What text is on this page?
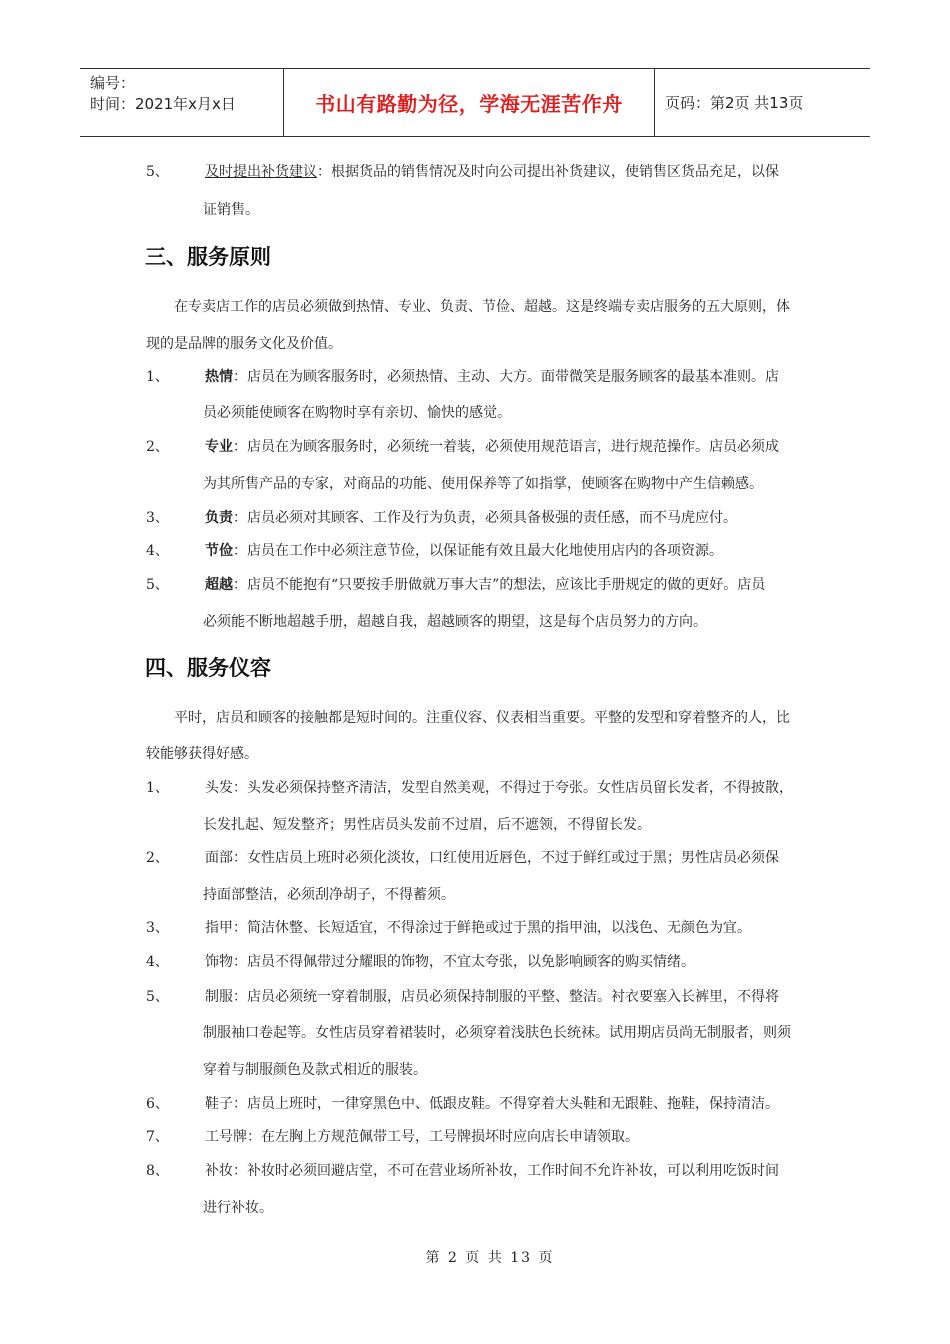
编号：
时间：2021年x月x日	书山有路勤为径，学海无涯苦作舟	页码：第2页 共13页
5、	及时提出补货建议：根据货品的销售情况及时向公司提出补货建议，使销售区货品充足，以保
证销售。
三、服务原则
在专卖店工作的店员必须做到热情、专业、负责、节俭、超越。这是终端专卖店服务的五大原则，体
现的是品牌的服务文化及价值。
1、	热情：店员在为顾客服务时，必须热情、主动、大方。面带微笑是服务顾客的最基本准则。店
员必须能使顾客在购物时享有亲切、愉快的感觉。
2、	专业：店员在为顾客服务时，必须统一着装，必须使用规范语言，进行规范操作。店员必须成
为其所售产品的专家，对商品的功能、使用保养等了如指掌，使顾客在购物中产生信赖感。
3、	负责：店员必须对其顾客、工作及行为负责，必须具备极强的责任感，而不马虎应付。
4、	节俭：店员在工作中必须注意节俭，以保证能有效且最大化地使用店内的各项资源。
5、	超越：店员不能抱有“只要按手册做就万事大吉”的想法，应该比手册规定的做的更好。店员
必须能不断地超越手册，超越自我，超越顾客的期望，这是每个店员努力的方向。
四、服务仪容
平时，店员和顾客的接触都是短时间的。注重仪容、仪表相当重要。平整的发型和穿着整齐的人，比
较能够获得好感。
1、	头发：头发必须保持整齐清洁，发型自然美观，不得过于夸张。女性店员留长发者，不得披散，
长发扎起、短发整齐；男性店员头发前不过眉，后不遮领，不得留长发。
2、	面部：女性店员上班时必须化淡妆，口红使用近唇色，不过于鲜红或过于黑；男性店员必须保
持面部整洁，必须刮净胡子，不得蓄须。
3、	指甲：简洁休整、长短适宜，不得涂过于鲜艳或过于黑的指甲油，以浅色、无颜色为宜。
4、	饰物：店员不得佩带过分耀眼的饰物，不宜太夸张，以免影响顾客的购买情绪。
5、	制服：店员必须统一穿着制服，店员必须保持制服的平整、整洁。衬衣要塞入长裤里，不得将
制服袖口卷起等。女性店员穿着裙装时，必须穿着浅肤色长统袜。试用期店员尚无制服者，则须
穿着与制服颜色及款式相近的服装。
6、	鞋子：店员上班时，一律穿黑色中、低跟皮鞋。不得穿着大头鞋和无跟鞋、拖鞋，保持清洁。
7、	工号牌：在左胸上方规范佩带工号，工号牌损坏时应向店长申请领取。
8、	补妆：补妆时必须回避店堂，不可在营业场所补妆，工作时间不允许补妆，可以利用吃饭时间
进行补妆。
第 2 页 共 13 页
